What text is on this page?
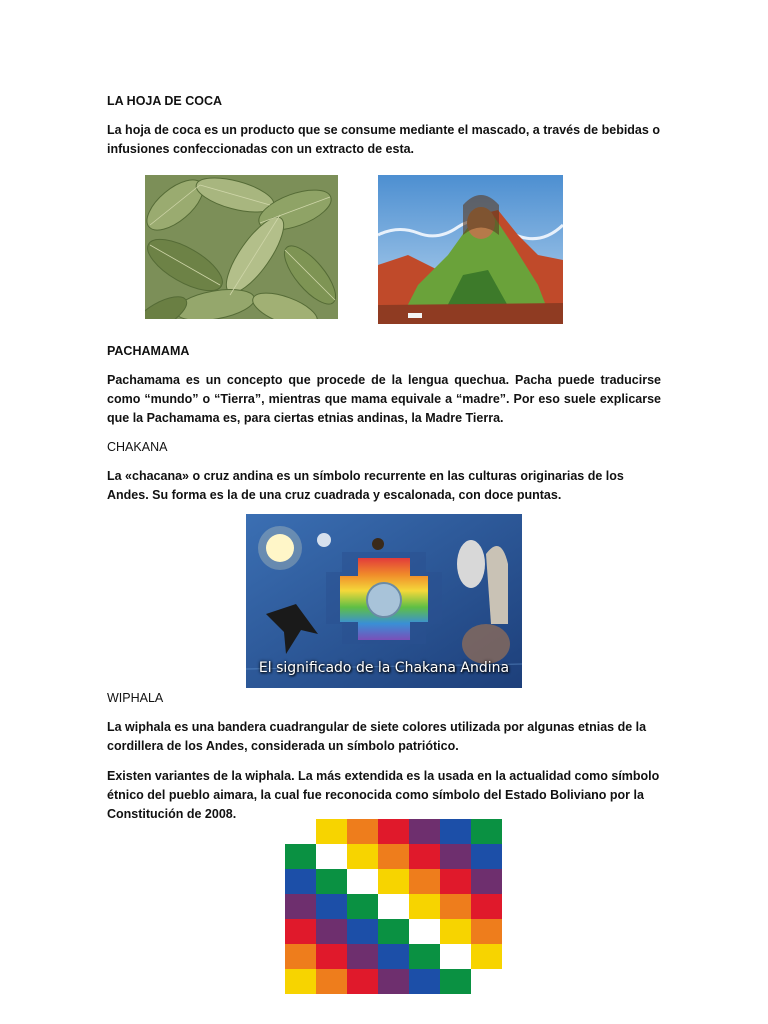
LA HOJA DE COCA

La hoja de coca es un producto que se consume mediante el mascado, a través de bebidas o infusiones confeccionadas con un extracto de esta.

PACHAMAMA

Pachamama es un concepto que procede de la lengua quechua. Pacha puede traducirse como “mundo” o “Tierra”, mientras que mama equivale a “madre”. Por eso suele explicarse que la Pachamama es, para ciertas etnias andinas, la Madre Tierra.

CHAKANA

La «chacana» o cruz andina es un símbolo recurrente en las culturas originarias de los Andes. Su forma es la de una cruz cuadrada y escalonada, con doce puntas.

El significado de la Chakana Andina

WIPHALA

La wiphala es una bandera cuadrangular de siete colores utilizada por algunas etnias de la cordillera de los Andes, considerada un símbolo patriótico.

Existen variantes de la wiphala. La más extendida es la usada en la actualidad como símbolo étnico del pueblo aimara, la cual fue reconocida como símbolo del Estado Boliviano por la Constitución de 2008.
